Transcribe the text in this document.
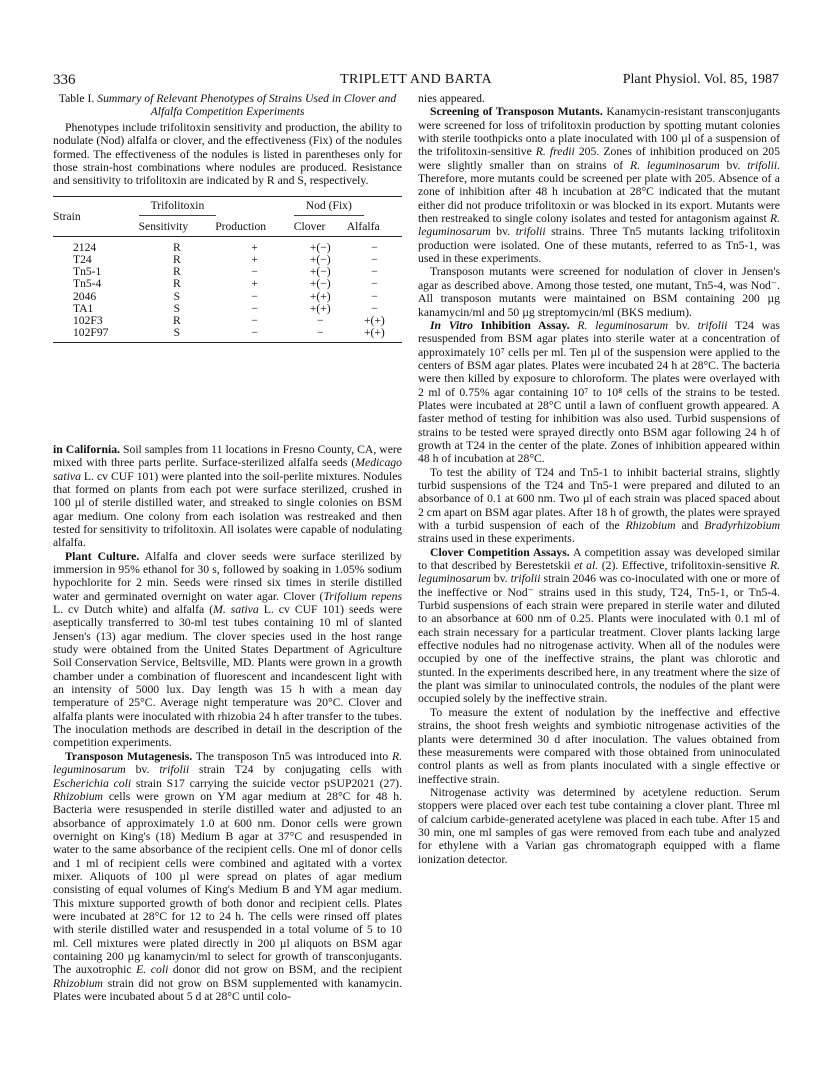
336	TRIPLETT AND BARTA	Plant Physiol. Vol. 85, 1987
Table I. Summary of Relevant Phenotypes of Strains Used in Clover and Alfalfa Competition Experiments
Phenotypes include trifolitoxin sensitivity and production, the ability to nodulate (Nod) alfalfa or clover, and the effectiveness (Fix) of the nodules formed. The effectiveness of the nodules is listed in parentheses only for those strain-host combinations where nodules are produced. Resistance and sensitivity to trifolitoxin are indicated by R and S, respectively.
Strain	Trifolitoxin		Nod (Fix)	
	Sensitivity	Production	Clover	Alfalfa
2124	R	+	+(−)	−
T24	R	+	+(−)	−
Tn5-1	R	−	+(−)	−
Tn5-4	R	+	+(−)	−
2046	S	−	+(+)	−
TA1	S	−	+(+)	−
102F3	R	−	−	+(+)
102F97	S	−	−	+(+)

in California. Soil samples from 11 locations in Fresno County, CA, were mixed with three parts perlite. Surface-sterilized alfalfa seeds (Medicago sativa L. cv CUF 101) were planted into the soil-perlite mixtures. Nodules that formed on plants from each pot were surface sterilized, crushed in 100 µl of sterile distilled water, and streaked to single colonies on BSM agar medium. One colony from each isolation was restreaked and then tested for sensitivity to trifolitoxin. All isolates were capable of nodulating alfalfa.

Plant Culture. Alfalfa and clover seeds were surface sterilized by immersion in 95% ethanol for 30 s, followed by soaking in 1.05% sodium hypochlorite for 2 min. Seeds were rinsed six times in sterile distilled water and germinated overnight on water agar. Clover (Trifolium repens L. cv Dutch white) and alfalfa (M. sativa L. cv CUF 101) seeds were aseptically transferred to 30-ml test tubes containing 10 ml of slanted Jensen's (13) agar medium. The clover species used in the host range study were obtained from the United States Department of Agriculture Soil Conservation Service, Beltsville, MD. Plants were grown in a growth chamber under a combination of fluorescent and incandescent light with an intensity of 5000 lux. Day length was 15 h with a mean day temperature of 25°C. Average night temperature was 20°C. Clover and alfalfa plants were inoculated with rhizobia 24 h after transfer to the tubes. The inoculation methods are described in detail in the description of the competition experiments.

Transposon Mutagenesis. The transposon Tn5 was introduced into R. leguminosarum bv. trifolii strain T24 by conjugating cells with Escherichia coli strain S17 carrying the suicide vector pSUP2021 (27). Rhizobium cells were grown on YM agar medium at 28°C for 48 h. Bacteria were resuspended in sterile distilled water and adjusted to an absorbance of approximately 1.0 at 600 nm. Donor cells were grown overnight on King's (18) Medium B agar at 37°C and resuspended in water to the same absorbance of the recipient cells. One ml of donor cells and 1 ml of recipient cells were combined and agitated with a vortex mixer. Aliquots of 100 µl were spread on plates of agar medium consisting of equal volumes of King's Medium B and YM agar medium. This mixture supported growth of both donor and recipient cells. Plates were incubated at 28°C for 12 to 24 h. The cells were rinsed off plates with sterile distilled water and resuspended in a total volume of 5 to 10 ml. Cell mixtures were plated directly in 200 µl aliquots on BSM agar containing 200 µg kanamycin/ml to select for growth of transconjugants. The auxotrophic E. coli donor did not grow on BSM, and the recipient Rhizobium strain did not grow on BSM supplemented with kanamycin. Plates were incubated about 5 d at 28°C until colo-

nies appeared.

Screening of Transposon Mutants. Kanamycin-resistant transconjugants were screened for loss of trifolitoxin production by spotting mutant colonies with sterile toothpicks onto a plate inoculated with 100 µl of a suspension of the trifolitoxin-sensitive R. fredii 205. Zones of inhibition produced on 205 were slightly smaller than on strains of R. leguminosarum bv. trifolii. Therefore, more mutants could be screened per plate with 205. Absence of a zone of inhibition after 48 h incubation at 28°C indicated that the mutant either did not produce trifolitoxin or was blocked in its export. Mutants were then restreaked to single colony isolates and tested for antagonism against R. leguminosarum bv. trifolii strains. Three Tn5 mutants lacking trifolitoxin production were isolated. One of these mutants, referred to as Tn5-1, was used in these experiments.

Transposon mutants were screened for nodulation of clover in Jensen's agar as described above. Among those tested, one mutant, Tn5-4, was Nod⁻. All transposon mutants were maintained on BSM containing 200 µg kanamycin/ml and 50 µg streptomycin/ml (BKS medium).

In Vitro Inhibition Assay. R. leguminosarum bv. trifolii T24 was resuspended from BSM agar plates into sterile water at a concentration of approximately 10⁷ cells per ml. Ten µl of the suspension were applied to the centers of BSM agar plates. Plates were incubated 24 h at 28°C. The bacteria were then killed by exposure to chloroform. The plates were overlayed with 2 ml of 0.75% agar containing 10⁷ to 10⁸ cells of the strains to be tested. Plates were incubated at 28°C until a lawn of confluent growth appeared. A faster method of testing for inhibition was also used. Turbid suspensions of strains to be tested were sprayed directly onto BSM agar following 24 h of growth at T24 in the center of the plate. Zones of inhibition appeared within 48 h of incubation at 28°C.

To test the ability of T24 and Tn5-1 to inhibit bacterial strains, slightly turbid suspensions of the T24 and Tn5-1 were prepared and diluted to an absorbance of 0.1 at 600 nm. Two µl of each strain was placed spaced about 2 cm apart on BSM agar plates. After 18 h of growth, the plates were sprayed with a turbid suspension of each of the Rhizobium and Bradyrhizobium strains used in these experiments.

Clover Competition Assays. A competition assay was developed similar to that described by Berestetskii et al. (2). Effective, trifolitoxin-sensitive R. leguminosarum bv. trifolii strain 2046 was co-inoculated with one or more of the ineffective or Nod⁻ strains used in this study, T24, Tn5-1, or Tn5-4. Turbid suspensions of each strain were prepared in sterile water and diluted to an absorbance at 600 nm of 0.25. Plants were inoculated with 0.1 ml of each strain necessary for a particular treatment. Clover plants lacking large effective nodules had no nitrogenase activity. When all of the nodules were occupied by one of the ineffective strains, the plant was chlorotic and stunted. In the experiments described here, in any treatment where the size of the plant was similar to uninoculated controls, the nodules of the plant were occupied solely by the ineffective strain.

To measure the extent of nodulation by the ineffective and effective strains, the shoot fresh weights and symbiotic nitrogenase activities of the plants were determined 30 d after inoculation. The values obtained from these measurements were compared with those obtained from uninoculated control plants as well as from plants inoculated with a single effective or ineffective strain.

Nitrogenase activity was determined by acetylene reduction. Serum stoppers were placed over each test tube containing a clover plant. Three ml of calcium carbide-generated acetylene was placed in each tube. After 15 and 30 min, one ml samples of gas were removed from each tube and analyzed for ethylene with a Varian gas chromatograph equipped with a flame ionization detector.
